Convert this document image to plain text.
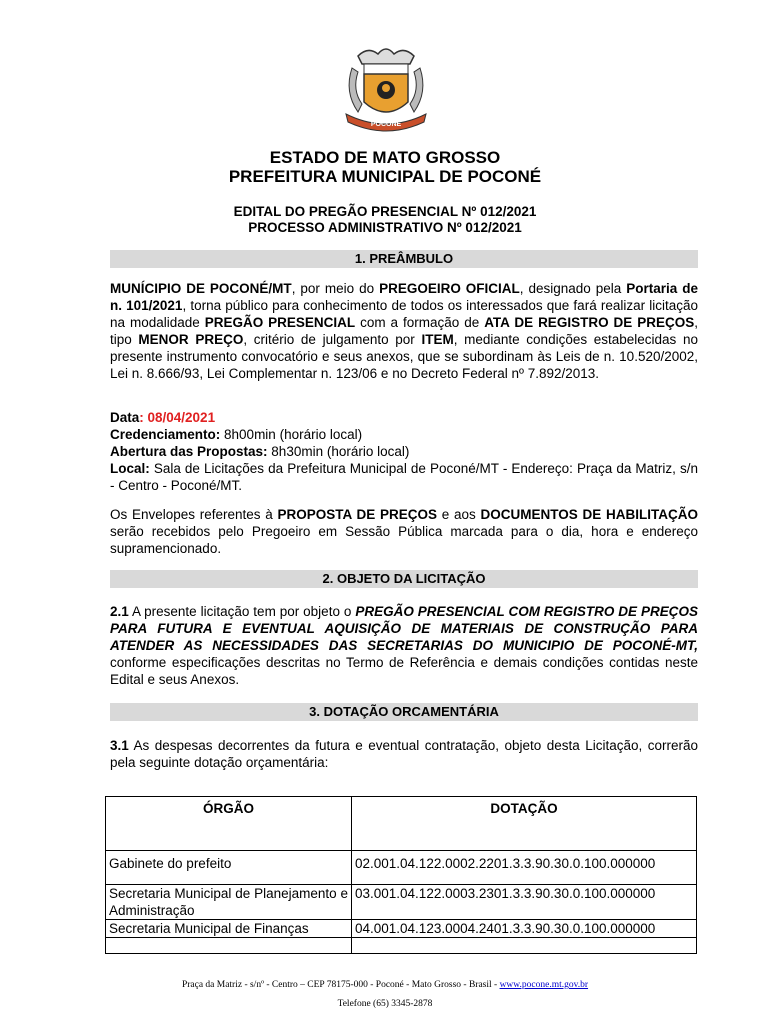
POCONÉ
ESTADO DE MATO GROSSO
PREFEITURA MUNICIPAL DE POCONÉ
EDITAL DO PREGÃO PRESENCIAL Nº 012/2021
PROCESSO ADMINISTRATIVO Nº 012/2021
1. PREÂMBULO
MUNÍCIPIO DE POCONÉ/MT, por meio do PREGOEIRO OFICIAL, designado pela Portaria de n. 101/2021, torna público para conhecimento de todos os interessados que fará realizar licitação na modalidade PREGÃO PRESENCIAL com a formação de ATA DE REGISTRO DE PREÇOS, tipo MENOR PREÇO, critério de julgamento por ITEM, mediante condições estabelecidas no presente instrumento convocatório e seus anexos, que se subordinam às Leis de n. 10.520/2002, Lei n. 8.666/93, Lei Complementar n. 123/06 e no Decreto Federal nº 7.892/2013.
Data: 08/04/2021
Credenciamento: 8h00min (horário local)
Abertura das Propostas: 8h30min (horário local)
Local: Sala de Licitações da Prefeitura Municipal de Poconé/MT - Endereço: Praça da Matriz, s/n - Centro - Poconé/MT.
Os Envelopes referentes à PROPOSTA DE PREÇOS e aos DOCUMENTOS DE HABILITAÇÃO serão recebidos pelo Pregoeiro em Sessão Pública marcada para o dia, hora e endereço supramencionado.
2. OBJETO DA LICITAÇÃO
2.1 A presente licitação tem por objeto o PREGÃO PRESENCIAL COM REGISTRO DE PREÇOS PARA FUTURA E EVENTUAL AQUISIÇÃO DE MATERIAIS DE CONSTRUÇÃO PARA ATENDER AS NECESSIDADES DAS SECRETARIAS DO MUNICIPIO DE POCONÉ-MT, conforme especificações descritas no Termo de Referência e demais condições contidas neste Edital e seus Anexos.
3. DOTAÇÃO ORCAMENTÁRIA
3.1 As despesas decorrentes da futura e eventual contratação, objeto desta Licitação, correrão pela seguinte dotação orçamentária:
ÓRGÃO	DOTAÇÃO
Gabinete do prefeito	02.001.04.122.0002.2201.3.3.90.30.0.100.000000
Secretaria Municipal de Planejamento e Administração	03.001.04.122.0003.2301.3.3.90.30.0.100.000000
Secretaria Municipal de Finanças	04.001.04.123.0004.2401.3.3.90.30.0.100.000000

Praça da Matriz - s/nº - Centro – CEP 78175-000 - Poconé - Mato Grosso - Brasil - www.pocone.mt.gov.br
Telefone (65) 3345-2878
